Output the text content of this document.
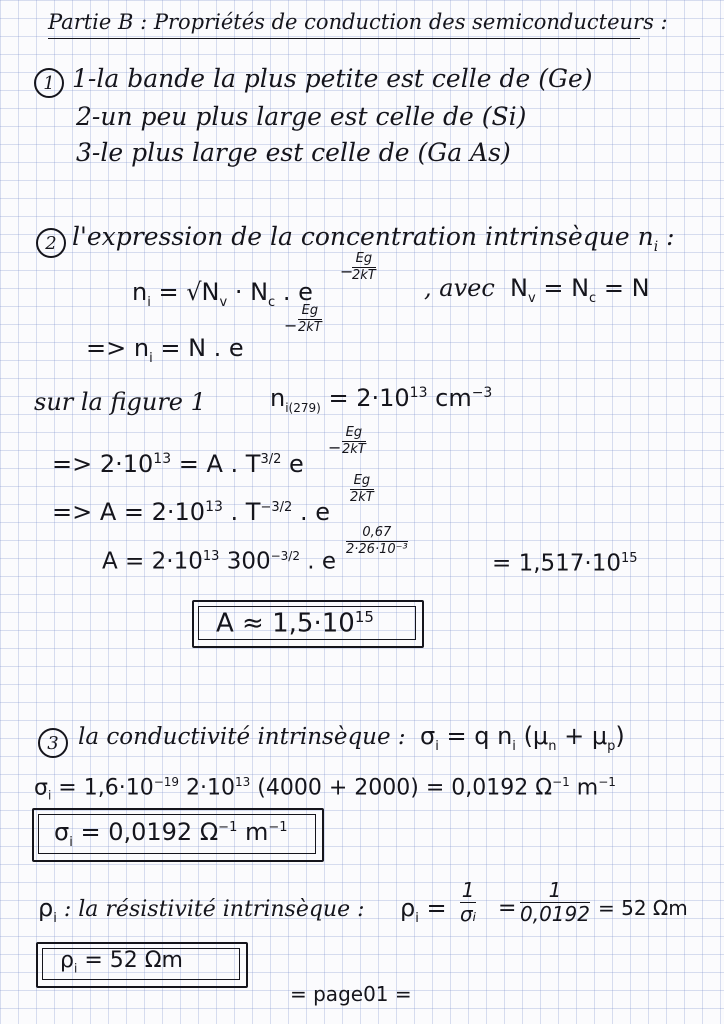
Partie B : Propriétés de conduction des semiconducteurs :
1 1-la bande la plus petite est celle de (Ge)
2-un peu plus large est celle de (Si)
3-le plus large est celle de (Ga As)
2 l'expression de la concentration intrinsèque $n_i$ :
$n_i = √N_v \cdot N_c$ . e
−
Eg
2kT , avec $N_v = N_c = N$
=> $n_i = N$ . e
−
Eg
2kT
sur la figure 1	$n_{i(279)} = 2\cdot 10^{13}$ $cm^{-3}$
=> $2\cdot 10^{13} = A$ . $T^{3/2}$ e
−
Eg
2kT
=> $A = 2\cdot 10^{13}$ . $T^{-3/2}$ . e
Eg
2kT
$A = 2\cdot 10^{13}$ $300^{-3/2}$ . e
0,67
2·26·10⁻³
= $1,517\cdot 10^{15}$
$A \approx 1,5\cdot 10^{15}$
3 la conductivité intrinsèque : $\sigma_i = q$ $n_i$ $(\mu_n + \mu_p)$
$\sigma_i = 1,6\cdot 10^{-19}$ $2\cdot 10^{13}$ (4000 + 2000) = 0,0192 $\Omega^{-1}$ $m^{-1}$
$\sigma_i = 0,0192$ $\Omega^{-1}$ $m^{-1}$
$\rho_i$ : la résistivité intrinsèque : $\rho_i$ =
1
σᵢ =
1
0,0192 = 52 Ωm
$\rho_i = 52$ Ωm
= page01 =
